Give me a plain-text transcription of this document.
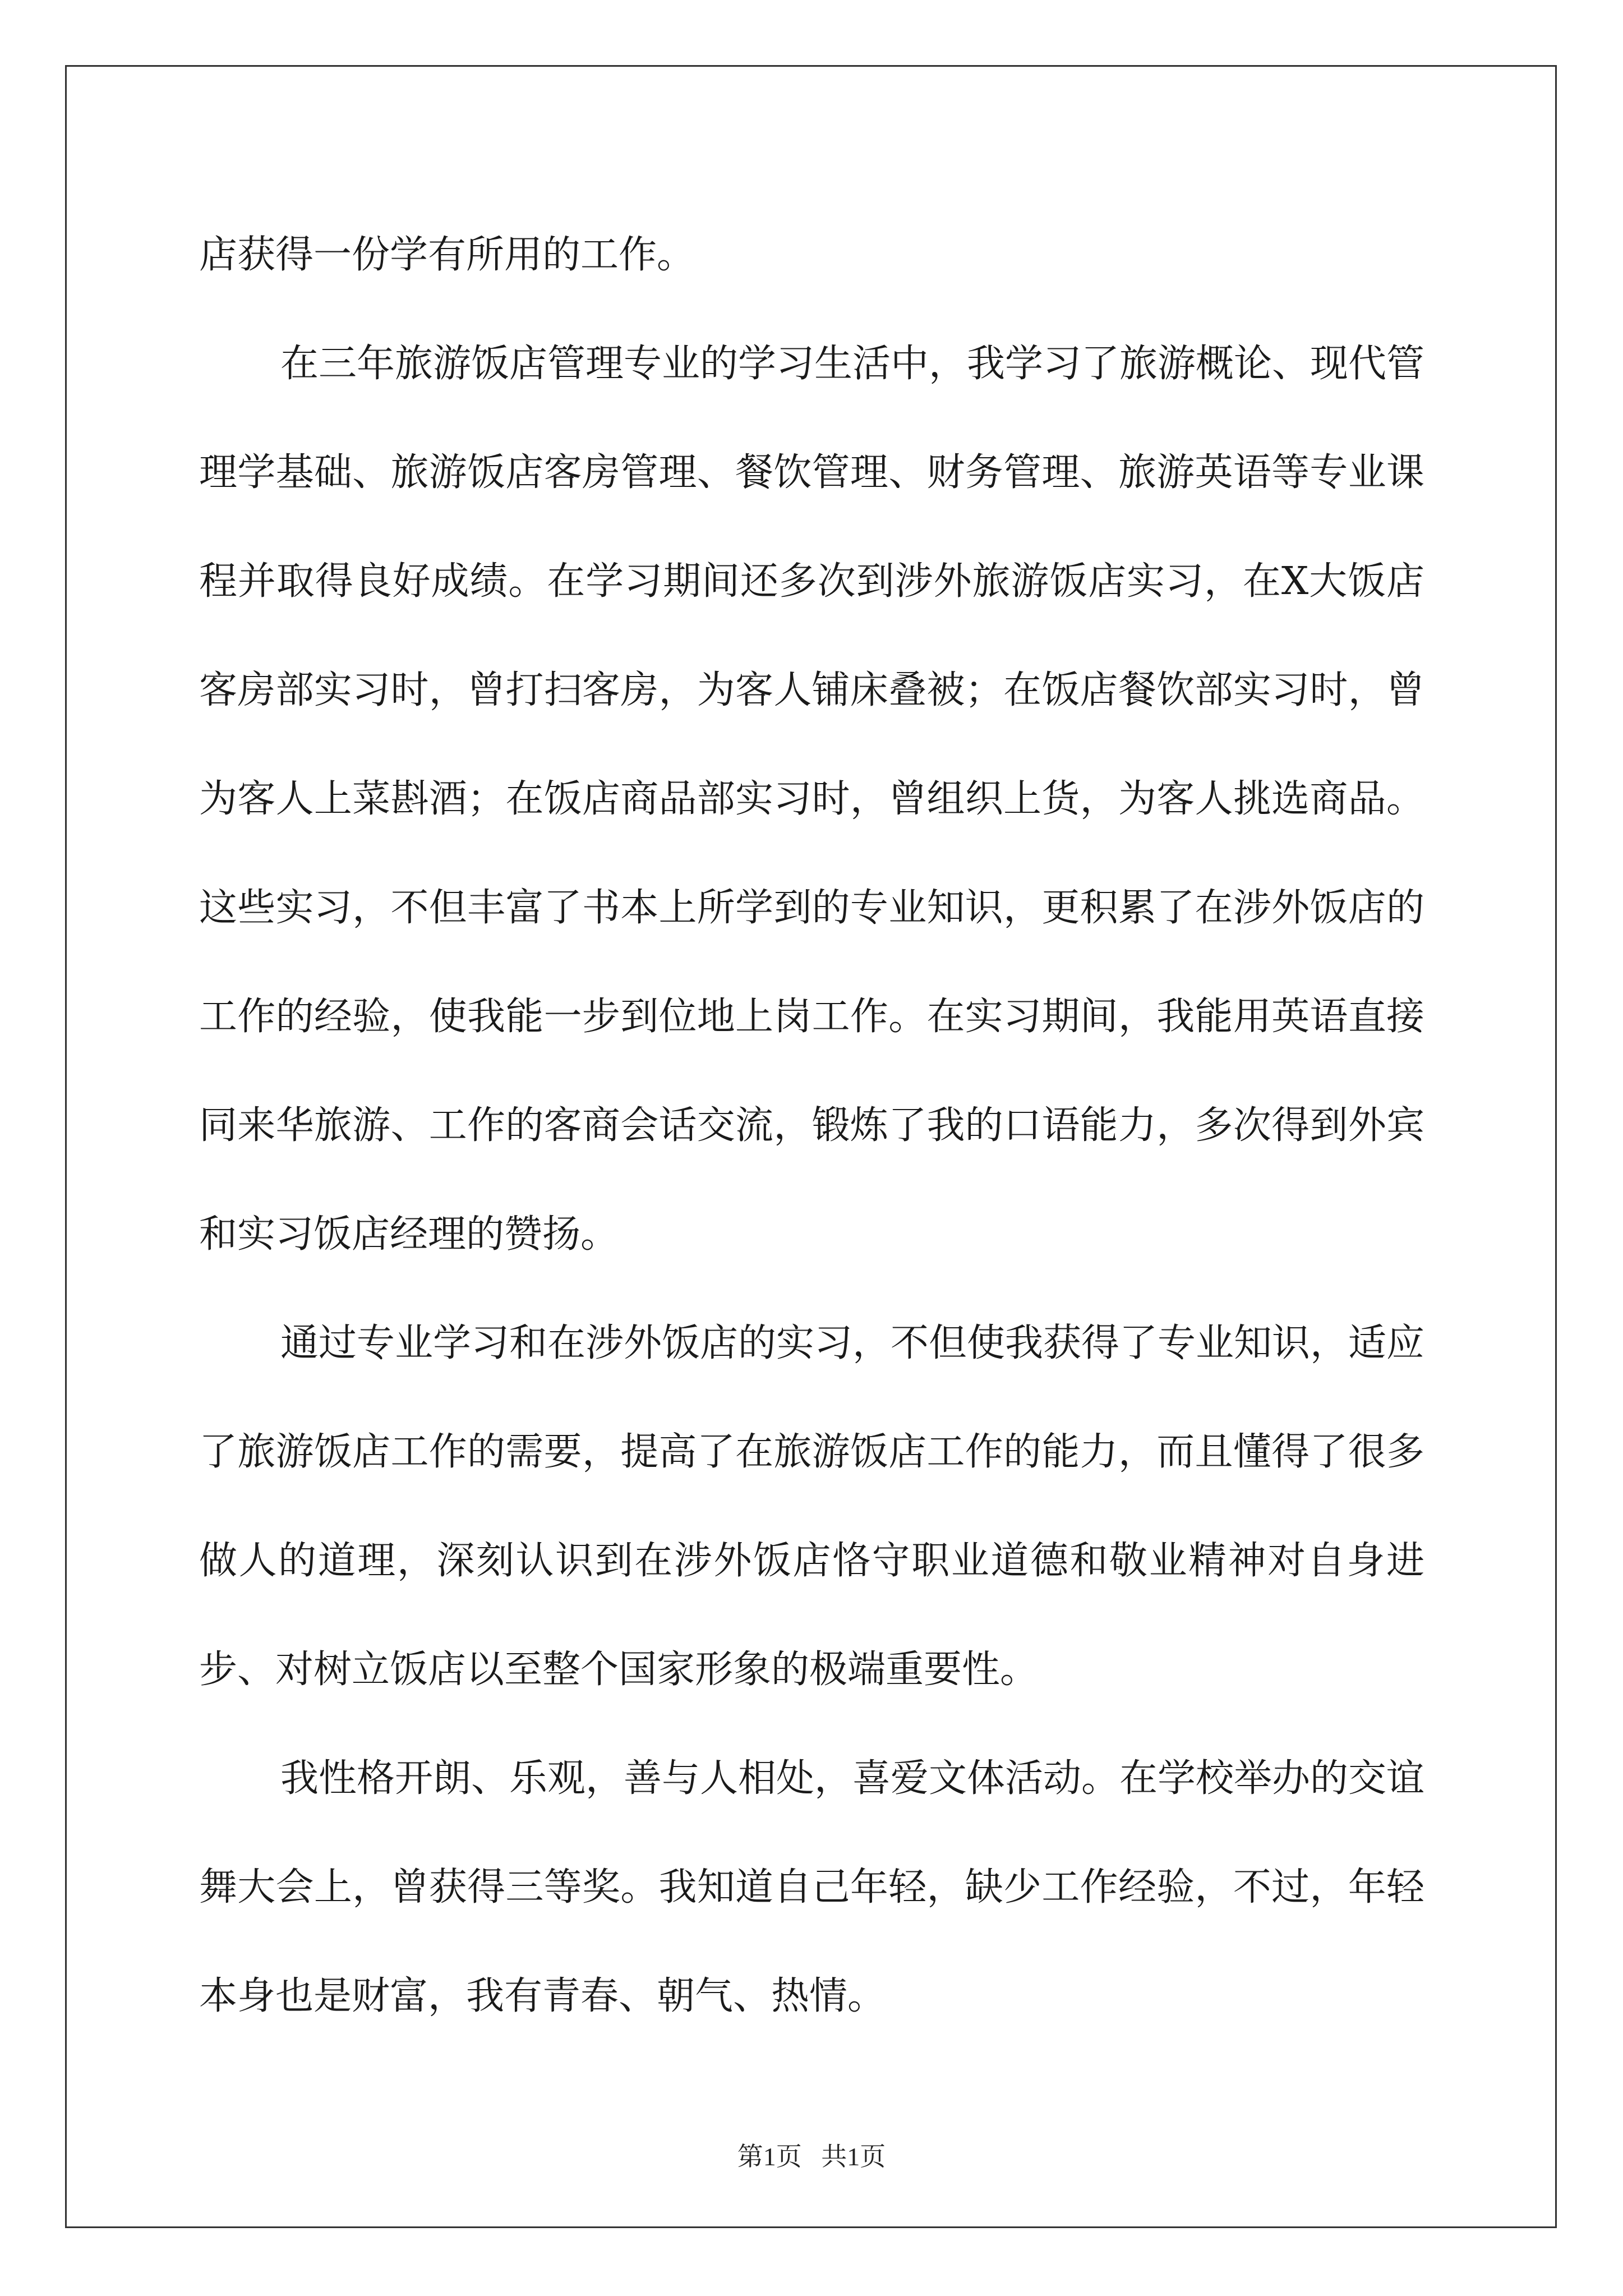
店获得一份学有所用的工作。

在三年旅游饭店管理专业的学习生活中，我学习了旅游概论、现代管理学基础、旅游饭店客房管理、餐饮管理、财务管理、旅游英语等专业课程并取得良好成绩。在学习期间还多次到涉外旅游饭店实习，在X大饭店客房部实习时，曾打扫客房，为客人铺床叠被；在饭店餐饮部实习时，曾为客人上菜斟酒；在饭店商品部实习时，曾组织上货，为客人挑选商品。这些实习，不但丰富了书本上所学到的专业知识，更积累了在涉外饭店的工作的经验，使我能一步到位地上岗工作。在实习期间，我能用英语直接同来华旅游、工作的客商会话交流，锻炼了我的口语能力，多次得到外宾和实习饭店经理的赞扬。

通过专业学习和在涉外饭店的实习，不但使我获得了专业知识，适应了旅游饭店工作的需要，提高了在旅游饭店工作的能力，而且懂得了很多做人的道理，深刻认识到在涉外饭店恪守职业道德和敬业精神对自身进步、对树立饭店以至整个国家形象的极端重要性。

我性格开朗、乐观，善与人相处，喜爱文体活动。在学校举办的交谊舞大会上，曾获得三等奖。我知道自己年轻，缺少工作经验，不过，年轻本身也是财富，我有青春、朝气、热情。

第1页 共1页
